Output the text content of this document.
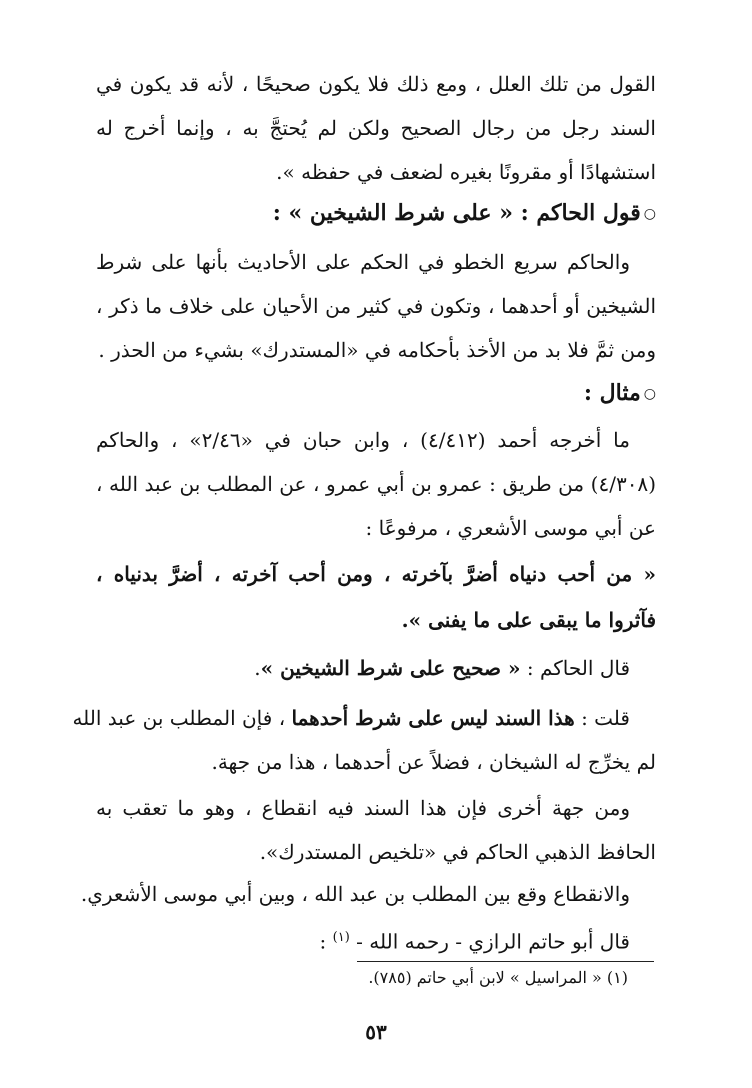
القول من تلك العلل ، ومع ذلك فلا يكون صحيحًا ، لأنه قد يكون في
السند رجل من رجال الصحيح ولكن لم يُحتجَّ به ، وإنما أخرج له
استشهادًا أو مقرونًا بغيره لضعف في حفظه ».
○قول الحاكم : « على شرط الشيخين » :
والحاكم سريع الخطو في الحكم على الأحاديث بأنها على شرط
الشيخين أو أحدهما ، وتكون في كثير من الأحيان على خلاف ما ذكر ،
ومن ثمَّ فلا بد من الأخذ بأحكامه في «المستدرك» بشيء من الحذر .
○مثال :
ما أخرجه أحمد (٤/٤١٢) ، وابن حبان في «٢/٤٦» ، والحاكم
(٤/٣٠٨) من طريق : عمرو بن أبي عمرو ، عن المطلب بن عبد الله ،
عن أبي موسى الأشعري ، مرفوعًا :
« من أحب دنياه أضرَّ بآخرته ، ومن أحب آخرته ، أضرَّ بدنياه ،
فآثروا ما يبقى على ما يفنى ».
قال الحاكم : « صحيح على شرط الشيخين ».
قلت : هذا السند ليس على شرط أحدهما ، فإن المطلب بن عبد الله
لم يخرِّج له الشيخان ، فضلاً عن أحدهما ، هذا من جهة.
ومن جهة أخرى فإن هذا السند فيه انقطاع ، وهو ما تعقب به
الحافظ الذهبي الحاكم في «تلخيص المستدرك».
والانقطاع وقع بين المطلب بن عبد الله ، وبين أبي موسى الأشعري.
قال أبو حاتم الرازي - رحمه الله - $^{(١)}$ :
(١) « المراسيل » لابن أبي حاتم (٧٨٥).
٥٣
